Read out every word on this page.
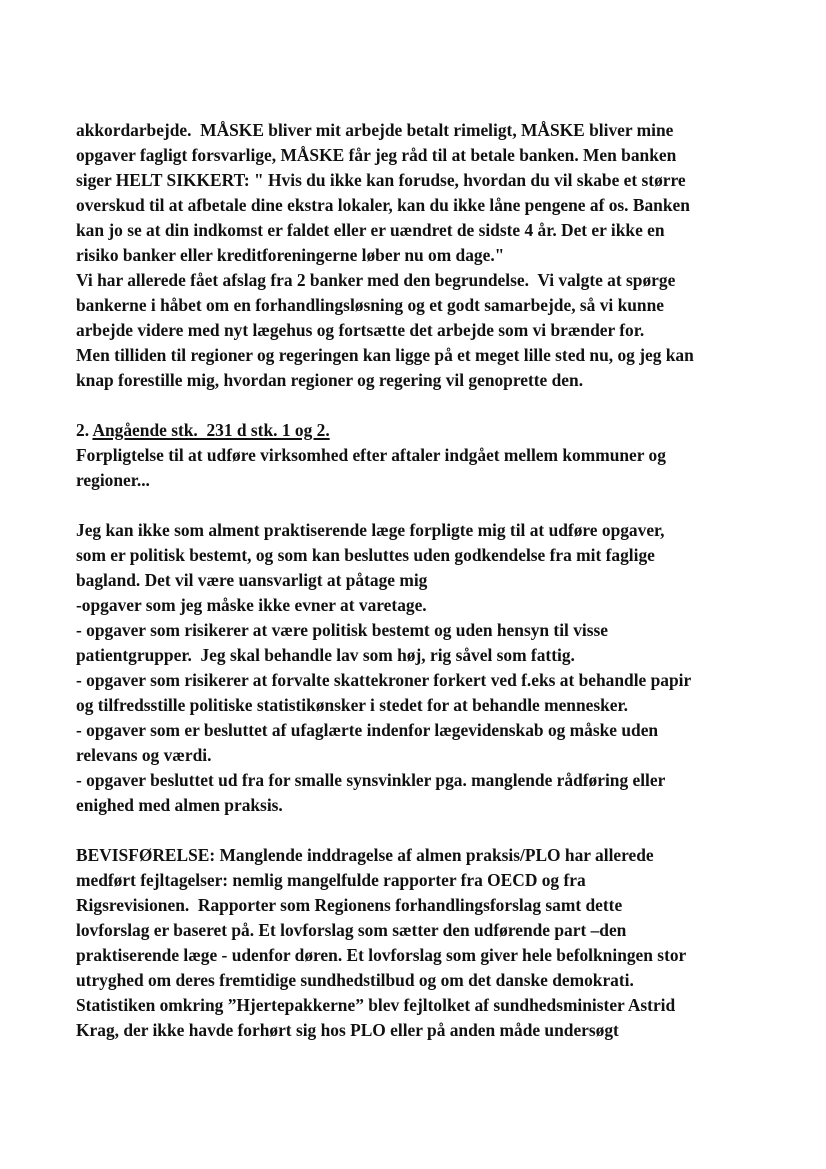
akkordarbejde.  MÅSKE bliver mit arbejde betalt rimeligt, MÅSKE bliver mine
opgaver fagligt forsvarlige, MÅSKE får jeg råd til at betale banken. Men banken
siger HELT SIKKERT: " Hvis du ikke kan forudse, hvordan du vil skabe et større
overskud til at afbetale dine ekstra lokaler, kan du ikke låne pengene af os. Banken
kan jo se at din indkomst er faldet eller er uændret de sidste 4 år. Det er ikke en
risiko banker eller kreditforeningerne løber nu om dage."
Vi har allerede fået afslag fra 2 banker med den begrundelse.  Vi valgte at spørge
bankerne i håbet om en forhandlingsløsning og et godt samarbejde, så vi kunne
arbejde videre med nyt lægehus og fortsætte det arbejde som vi brænder for.
Men tilliden til regioner og regeringen kan ligge på et meget lille sted nu, og jeg kan
knap forestille mig, hvordan regioner og regering vil genoprette den.
2. Angående stk.  231 d stk. 1 og 2.
Forpligtelse til at udføre virksomhed efter aftaler indgået mellem kommuner og
regioner...
Jeg kan ikke som alment praktiserende læge forpligte mig til at udføre opgaver,
som er politisk bestemt, og som kan besluttes uden godkendelse fra mit faglige
bagland. Det vil være uansvarligt at påtage mig
-opgaver som jeg måske ikke evner at varetage.
- opgaver som risikerer at være politisk bestemt og uden hensyn til visse
patientgrupper.  Jeg skal behandle lav som høj, rig såvel som fattig.
- opgaver som risikerer at forvalte skattekroner forkert ved f.eks at behandle papir
og tilfredsstille politiske statistikønsker i stedet for at behandle mennesker.
- opgaver som er besluttet af ufaglærte indenfor lægevidenskab og måske uden
relevans og værdi.
- opgaver besluttet ud fra for smalle synsvinkler pga. manglende rådføring eller
enighed med almen praksis.
BEVISFØRELSE: Manglende inddragelse af almen praksis/PLO har allerede
medført fejltagelser: nemlig mangelfulde rapporter fra OECD og fra
Rigsrevisionen.  Rapporter som Regionens forhandlingsforslag samt dette
lovforslag er baseret på. Et lovforslag som sætter den udførende part –den
praktiserende læge - udenfor døren. Et lovforslag som giver hele befolkningen stor
utryghed om deres fremtidige sundhedstilbud og om det danske demokrati.
Statistiken omkring ”Hjertepakkerne” blev fejltolket af sundhedsminister Astrid
Krag, der ikke havde forhørt sig hos PLO eller på anden måde undersøgt
